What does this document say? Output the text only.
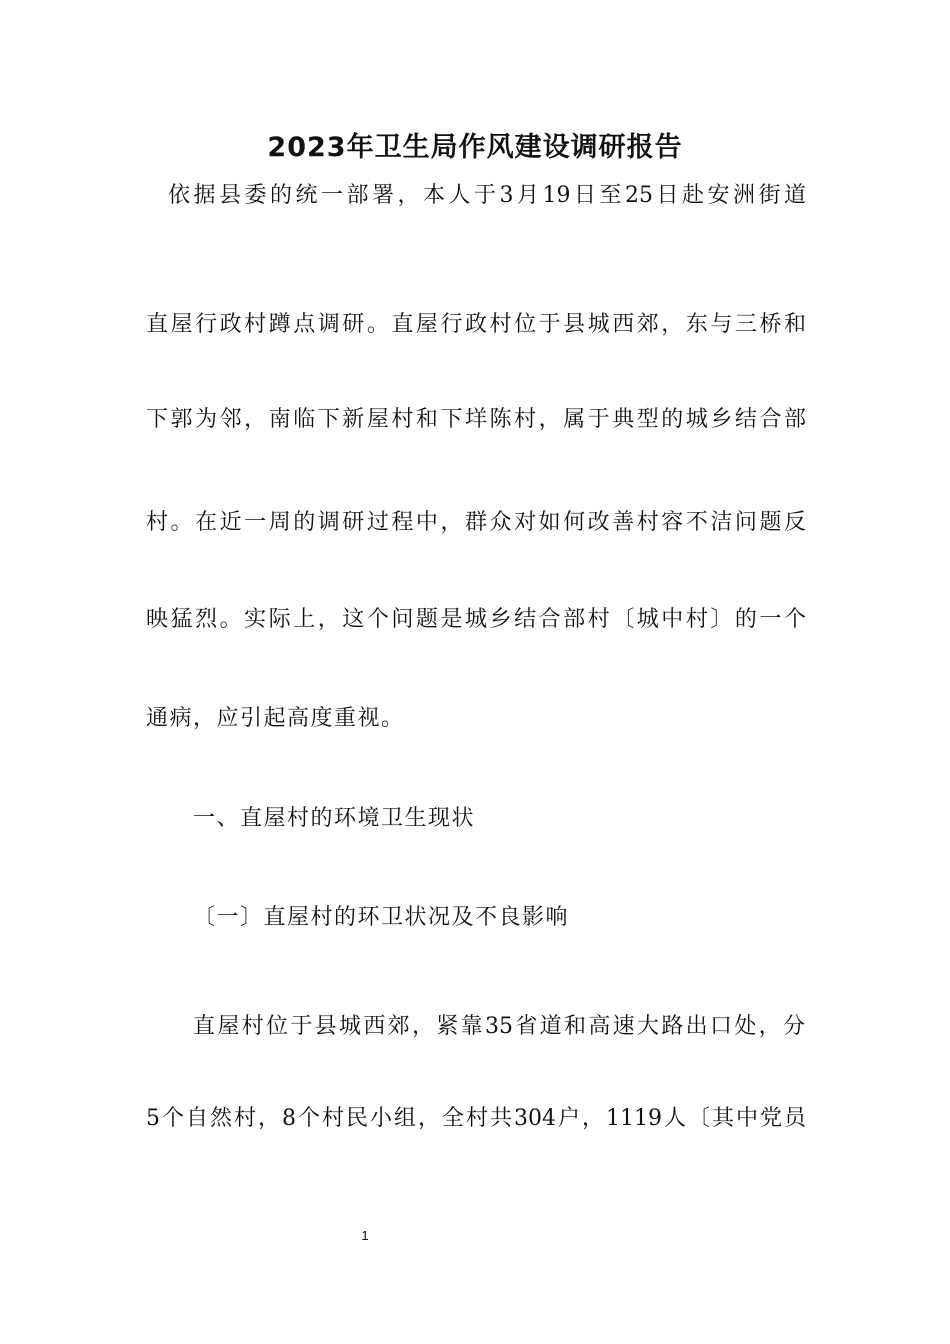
2023年卫生局作风建设调研报告
依据县委的统一部署，本人于3月19日至25日赴安洲街道
直屋行政村蹲点调研。直屋行政村位于县城西郊，东与三桥和
下郭为邻，南临下新屋村和下垟陈村，属于典型的城乡结合部
村。在近一周的调研过程中，群众对如何改善村容不洁问题反
映猛烈。实际上，这个问题是城乡结合部村〔城中村〕的一个
通病，应引起高度重视。
一、直屋村的环境卫生现状
〔一〕直屋村的环卫状况及不良影响
直屋村位于县城西郊，紧靠35省道和高速大路出口处，分
5个自然村，8个村民小组，全村共304户，1119人〔其中党员
1
